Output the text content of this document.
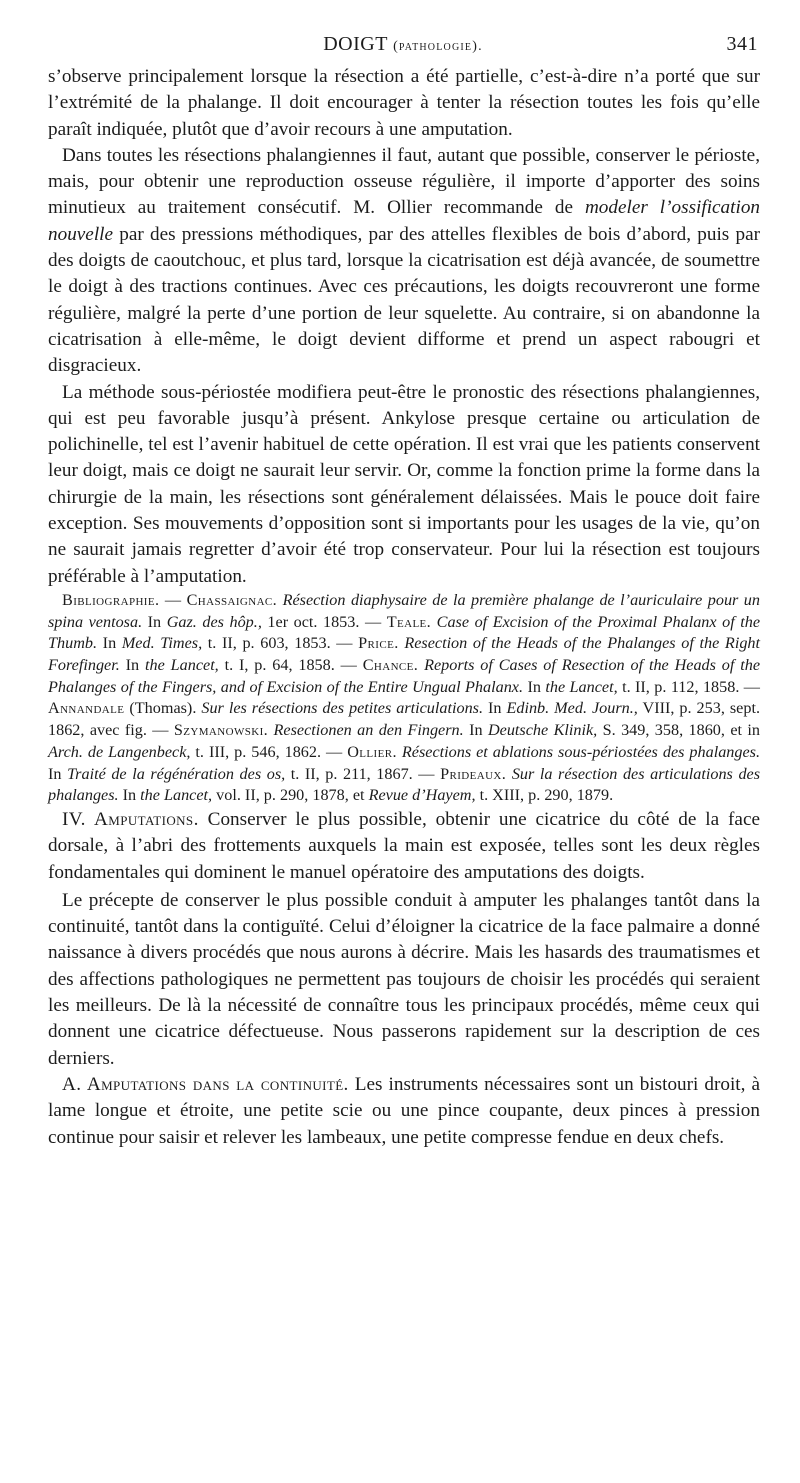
DOIGT (pathologie).	341

s’observe principalement lorsque la résection a été partielle, c’est-à-dire n’a porté que sur l’extrémité de la phalange. Il doit encourager à tenter la résection toutes les fois qu’elle paraît indiquée, plutôt que d’avoir recours à une amputation.

Dans toutes les résections phalangiennes il faut, autant que possible, conserver le périoste, mais, pour obtenir une reproduction osseuse régulière, il importe d’apporter des soins minutieux au traitement consécutif. M. Ollier recommande de modeler l’ossification nouvelle par des pressions méthodiques, par des attelles flexibles de bois d’abord, puis par des doigts de caoutchouc, et plus tard, lorsque la cicatrisation est déjà avancée, de soumettre le doigt à des tractions continues. Avec ces précautions, les doigts recouvreront une forme régulière, malgré la perte d’une portion de leur squelette. Au contraire, si on abandonne la cicatrisation à elle-même, le doigt devient difforme et prend un aspect rabougri et disgracieux.

La méthode sous-périostée modifiera peut-être le pronostic des résections phalangiennes, qui est peu favorable jusqu’à présent. Ankylose presque certaine ou articulation de polichinelle, tel est l’avenir habituel de cette opération. Il est vrai que les patients conservent leur doigt, mais ce doigt ne saurait leur servir. Or, comme la fonction prime la forme dans la chirurgie de la main, les résections sont généralement délaissées. Mais le pouce doit faire exception. Ses mouvements d’opposition sont si importants pour les usages de la vie, qu’on ne saurait jamais regretter d’avoir été trop conservateur. Pour lui la résection est toujours préférable à l’amputation.

Bibliographie. — Chassaignac. Résection diaphysaire de la première phalange de l’auriculaire pour un spina ventosa. In Gaz. des hôp., 1er oct. 1853. — Teale. Case of Excision of the Proximal Phalanx of the Thumb. In Med. Times, t. II, p. 603, 1853. — Price. Resection of the Heads of the Phalanges of the Right Forefinger. In the Lancet, t. I, p. 64, 1858. — Chance. Reports of Cases of Resection of the Heads of the Phalanges of the Fingers, and of Excision of the Entire Ungual Phalanx. In the Lancet, t. II, p. 112, 1858. — Annandale (Thomas). Sur les résections des petites articulations. In Edinb. Med. Journ., VIII, p. 253, sept. 1862, avec fig. — Szymanowski. Resectionen an den Fingern. In Deutsche Klinik, S. 349, 358, 1860, et in Arch. de Langenbeck, t. III, p. 546, 1862. — Ollier. Résections et ablations sous-périostées des phalanges. In Traité de la régénération des os, t. II, p. 211, 1867. — Prideaux. Sur la résection des articulations des phalanges. In the Lancet, vol. II, p. 290, 1878, et Revue d’Hayem, t. XIII, p. 290, 1879.

IV. Amputations. Conserver le plus possible, obtenir une cicatrice du côté de la face dorsale, à l’abri des frottements auxquels la main est exposée, telles sont les deux règles fondamentales qui dominent le manuel opératoire des amputations des doigts.

Le précepte de conserver le plus possible conduit à amputer les phalanges tantôt dans la continuité, tantôt dans la contiguïté. Celui d’éloigner la cicatrice de la face palmaire a donné naissance à divers procédés que nous aurons à décrire. Mais les hasards des traumatismes et des affections pathologiques ne permettent pas toujours de choisir les procédés qui seraient les meilleurs. De là la nécessité de connaître tous les principaux procédés, même ceux qui donnent une cicatrice défectueuse. Nous passerons rapidement sur la description de ces derniers.

A. Amputations dans la continuité. Les instruments nécessaires sont un bistouri droit, à lame longue et étroite, une petite scie ou une pince coupante, deux pinces à pression continue pour saisir et relever les lambeaux, une petite compresse fendue en deux chefs.
